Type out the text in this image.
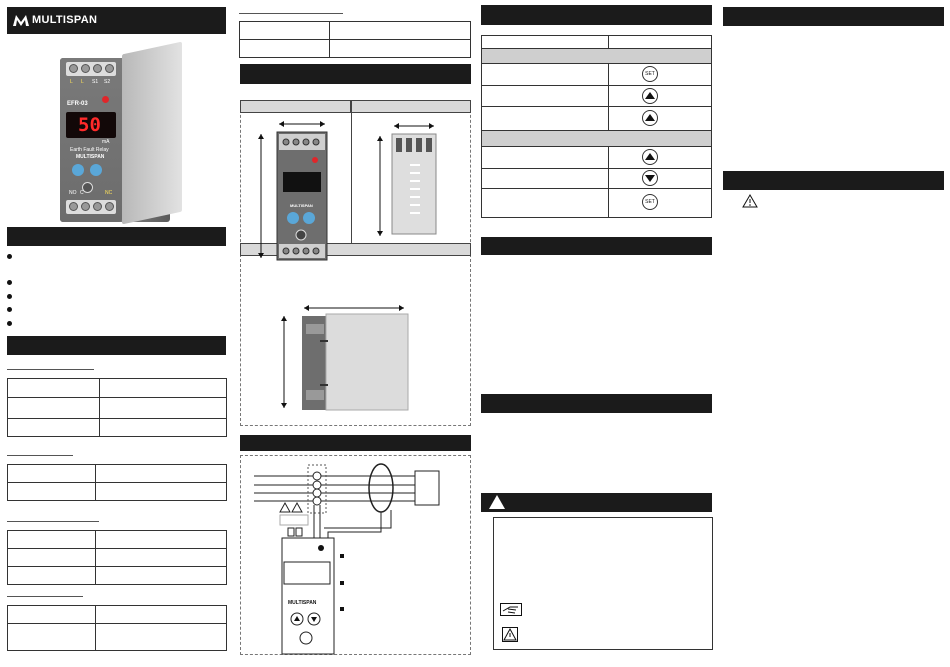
MULTISPAN
L L S1 S2
EFR-03
50
mA
Earth Fault Relay
MULTISPAN
NO C	NC

MULTISPAN
MULTISPAN
SET
SET
